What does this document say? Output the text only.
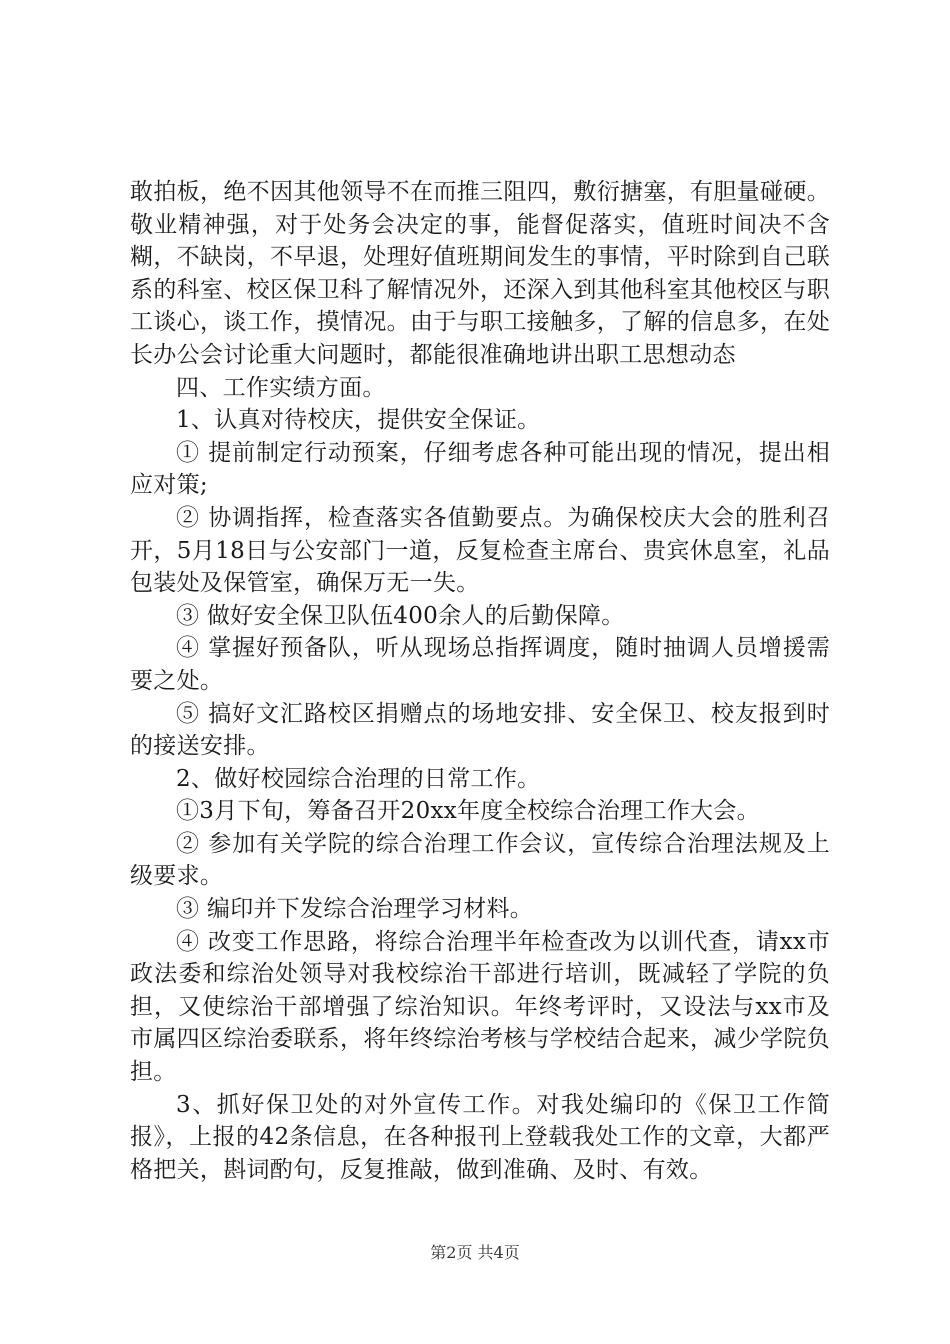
敢拍板，绝不因其他领导不在而推三阻四，敷衍搪塞，有胆量碰硬。敬业精神强，对于处务会决定的事，能督促落实，值班时间决不含糊，不缺岗，不早退，处理好值班期间发生的事情，平时除到自己联系的科室、校区保卫科了解情况外，还深入到其他科室其他校区与职工谈心，谈工作，摸情况。由于与职工接触多，了解的信息多，在处长办公会讨论重大问题时，都能很准确地讲出职工思想动态

四、工作实绩方面。

1、认真对待校庆，提供安全保证。

① 提前制定行动预案，仔细考虑各种可能出现的情况，提出相应对策;

② 协调指挥，检查落实各值勤要点。为确保校庆大会的胜利召开，5月18日与公安部门一道，反复检查主席台、贵宾休息室，礼品包装处及保管室，确保万无一失。

③ 做好安全保卫队伍400余人的后勤保障。

④ 掌握好预备队，听从现场总指挥调度，随时抽调人员增援需要之处。

⑤ 搞好文汇路校区捐赠点的场地安排、安全保卫、校友报到时的接送安排。

2、做好校园综合治理的日常工作。

①3月下旬，筹备召开20xx年度全校综合治理工作大会。

② 参加有关学院的综合治理工作会议，宣传综合治理法规及上级要求。

③ 编印并下发综合治理学习材料。

④ 改变工作思路，将综合治理半年检查改为以训代查，请xx市政法委和综治处领导对我校综治干部进行培训，既减轻了学院的负担，又使综治干部增强了综治知识。年终考评时，又设法与xx市及市属四区综治委联系，将年终综治考核与学校结合起来，减少学院负担。

3、抓好保卫处的对外宣传工作。对我处编印的《保卫工作简报》，上报的42条信息，在各种报刊上登载我处工作的文章，大都严格把关，斟词酌句，反复推敲，做到准确、及时、有效。

第2页 共4页
